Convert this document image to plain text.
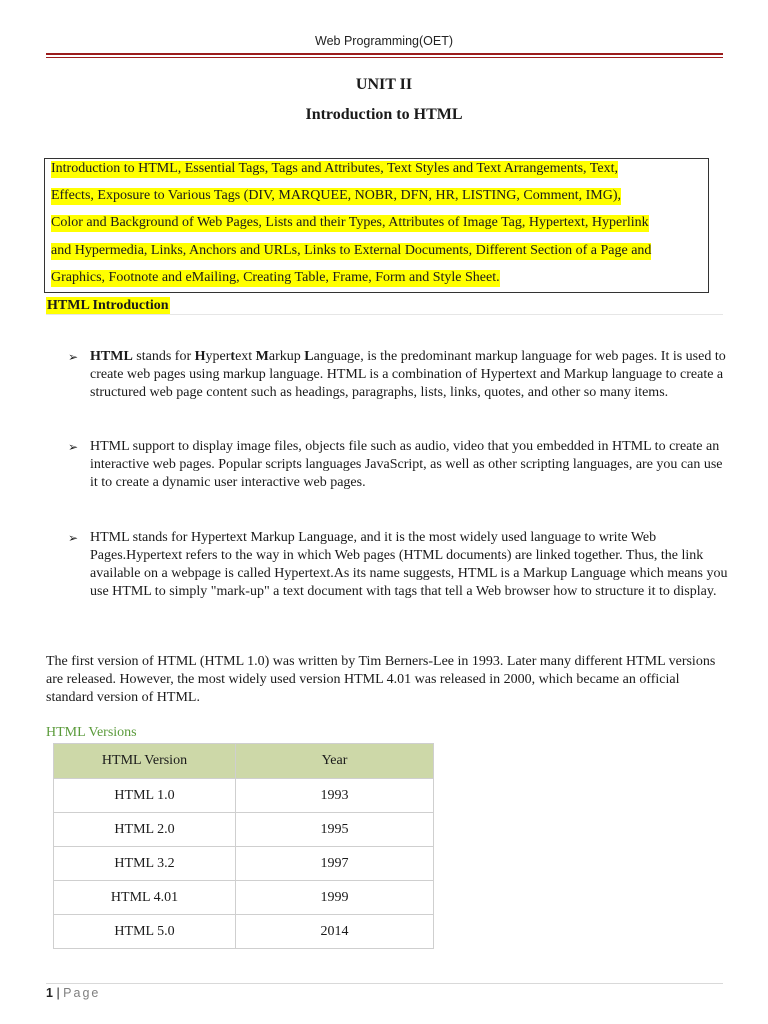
Web Programming(OET)
UNIT II
Introduction to HTML
Introduction to HTML, Essential Tags, Tags and Attributes, Text Styles and Text Arrangements, Text,
Effects, Exposure to Various Tags (DIV, MARQUEE, NOBR, DFN, HR, LISTING, Comment, IMG),
Color and Background of Web Pages, Lists and their Types, Attributes of Image Tag, Hypertext, Hyperlink
and Hypermedia, Links, Anchors and URLs, Links to External Documents, Different Section of a Page and
Graphics, Footnote and eMailing, Creating Table, Frame, Form and Style Sheet.
HTML Introduction
➢ HTML stands for Hypertext Markup Language, is the predominant markup language for web pages. It is used to create web pages using markup language. HTML is a combination of Hypertext and Markup language to create a structured web page content such as headings, paragraphs, lists, links, quotes, and other so many items.
➢ HTML support to display image files, objects file such as audio, video that you embedded in HTML to create an interactive web pages. Popular scripts languages JavaScript, as well as other scripting languages, are you can use it to create a dynamic user interactive web pages.
➢ HTML stands for Hypertext Markup Language, and it is the most widely used language to write Web Pages.Hypertext refers to the way in which Web pages (HTML documents) are linked together. Thus, the link available on a webpage is called Hypertext.As its name suggests, HTML is a Markup Language which means you use HTML to simply "mark-up" a text document with tags that tell a Web browser how to structure it to display.
The first version of HTML (HTML 1.0) was written by Tim Berners-Lee in 1993. Later many different HTML versions are released. However, the most widely used version HTML 4.01 was released in 2000, which became an official standard version of HTML.
HTML Versions
HTML Version	Year
HTML 1.0	1993
HTML 2.0	1995
HTML 3.2	1997
HTML 4.01	1999
HTML 5.0	2014
1 | Page
